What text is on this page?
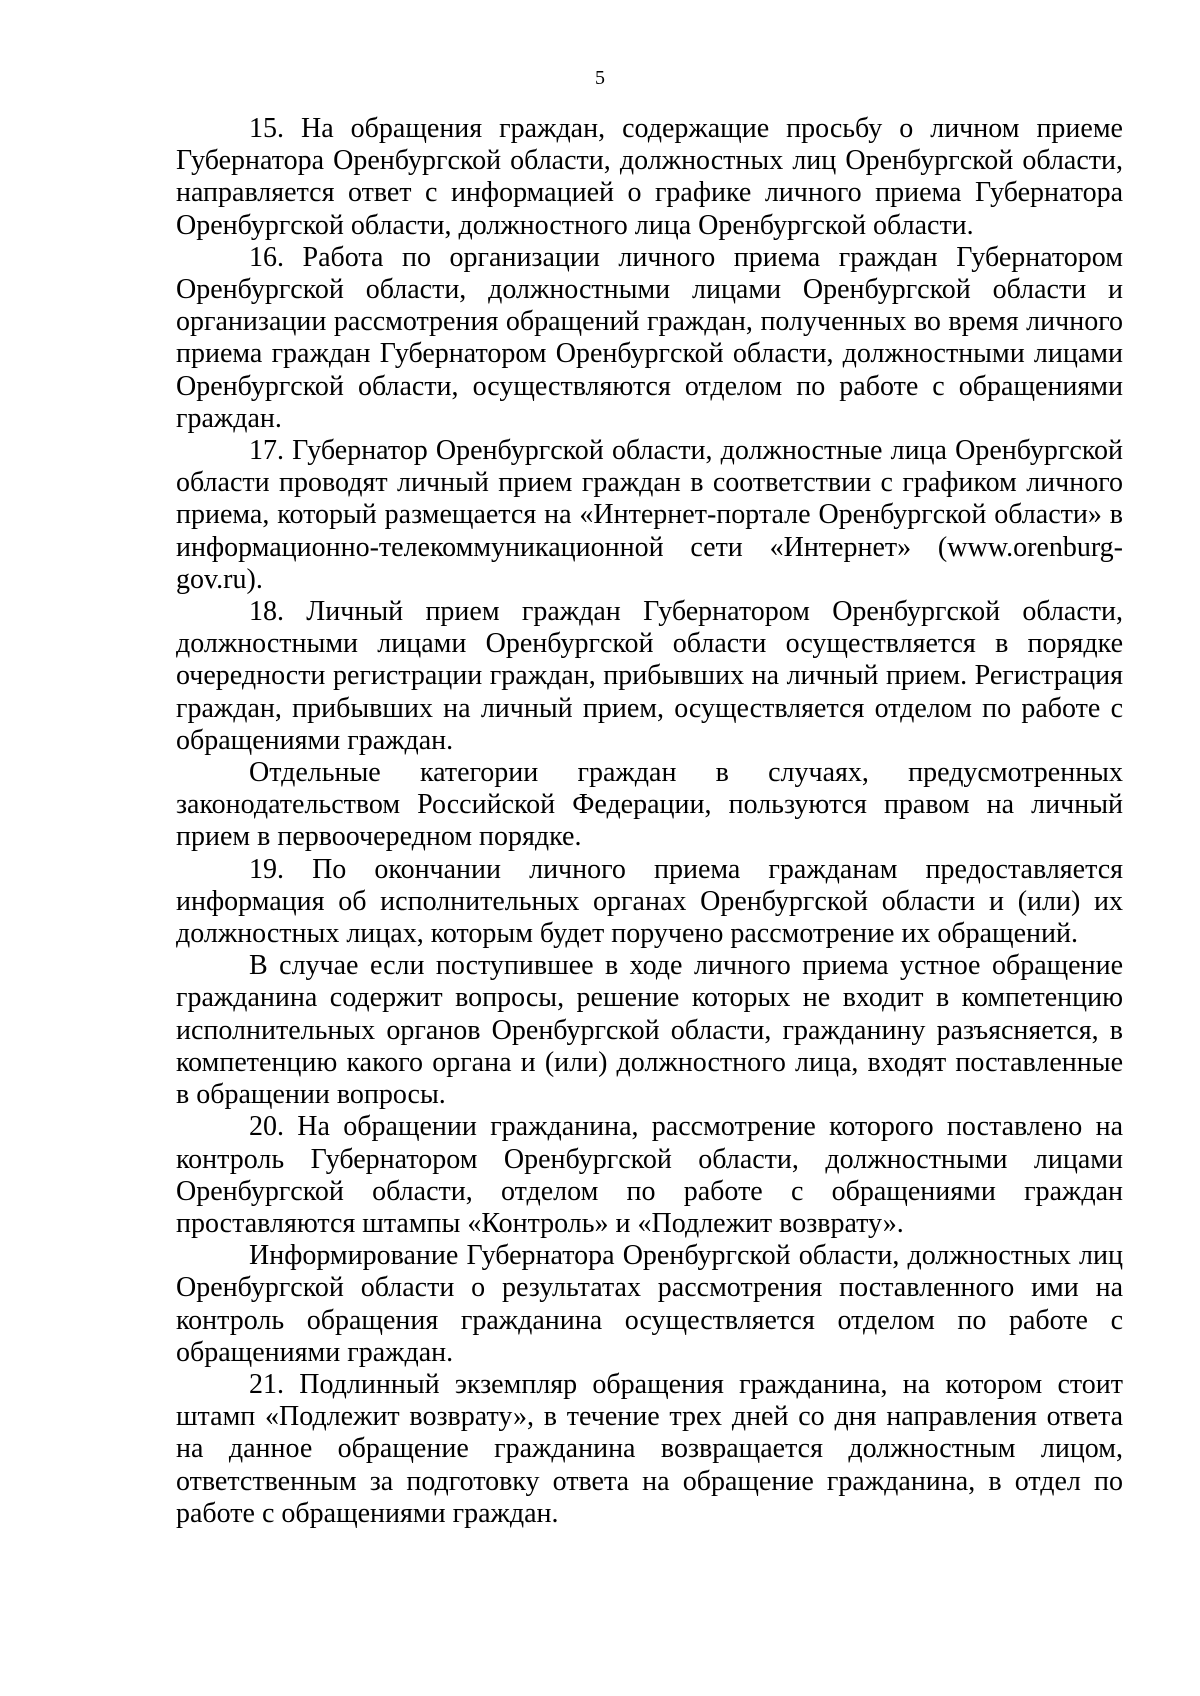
5

15. На обращения граждан, содержащие просьбу о личном приеме Губернатора Оренбургской области, должностных лиц Оренбургской области, направляется ответ с информацией о графике личного приема Губернатора Оренбургской области, должностного лица Оренбургской области.

16. Работа по организации личного приема граждан Губернатором Оренбургской области, должностными лицами Оренбургской области и организации рассмотрения обращений граждан, полученных во время личного приема граждан Губернатором Оренбургской области, должностными лицами Оренбургской области, осуществляются отделом по работе с обращениями граждан.

17. Губернатор Оренбургской области, должностные лица Оренбургской области проводят личный прием граждан в соответствии с графиком личного приема, который размещается на «Интернет-портале Оренбургской области» в информационно-телекоммуникационной сети «Интернет» (www.orenburg-gov.ru).

18. Личный прием граждан Губернатором Оренбургской области, должностными лицами Оренбургской области осуществляется в порядке очередности регистрации граждан, прибывших на личный прием. Регистрация граждан, прибывших на личный прием, осуществляется отделом по работе с обращениями граждан.

Отдельные категории граждан в случаях, предусмотренных законодательством Российской Федерации, пользуются правом на личный прием в первоочередном порядке.

19. По окончании личного приема гражданам предоставляется информация об исполнительных органах Оренбургской области и (или) их должностных лицах, которым будет поручено рассмотрение их обращений.

В случае если поступившее в ходе личного приема устное обращение гражданина содержит вопросы, решение которых не входит в компетенцию исполнительных органов Оренбургской области, гражданину разъясняется, в компетенцию какого органа и (или) должностного лица, входят поставленные в обращении вопросы.

20. На обращении гражданина, рассмотрение которого поставлено на контроль Губернатором Оренбургской области, должностными лицами Оренбургской области, отделом по работе с обращениями граждан проставляются штампы «Контроль» и «Подлежит возврату».

Информирование Губернатора Оренбургской области, должностных лиц Оренбургской области о результатах рассмотрения поставленного ими на контроль обращения гражданина осуществляется отделом по работе с обращениями граждан.

21. Подлинный экземпляр обращения гражданина, на котором стоит штамп «Подлежит возврату», в течение трех дней со дня направления ответа на данное обращение гражданина возвращается должностным лицом, ответственным за подготовку ответа на обращение гражданина, в отдел по работе с обращениями граждан.
